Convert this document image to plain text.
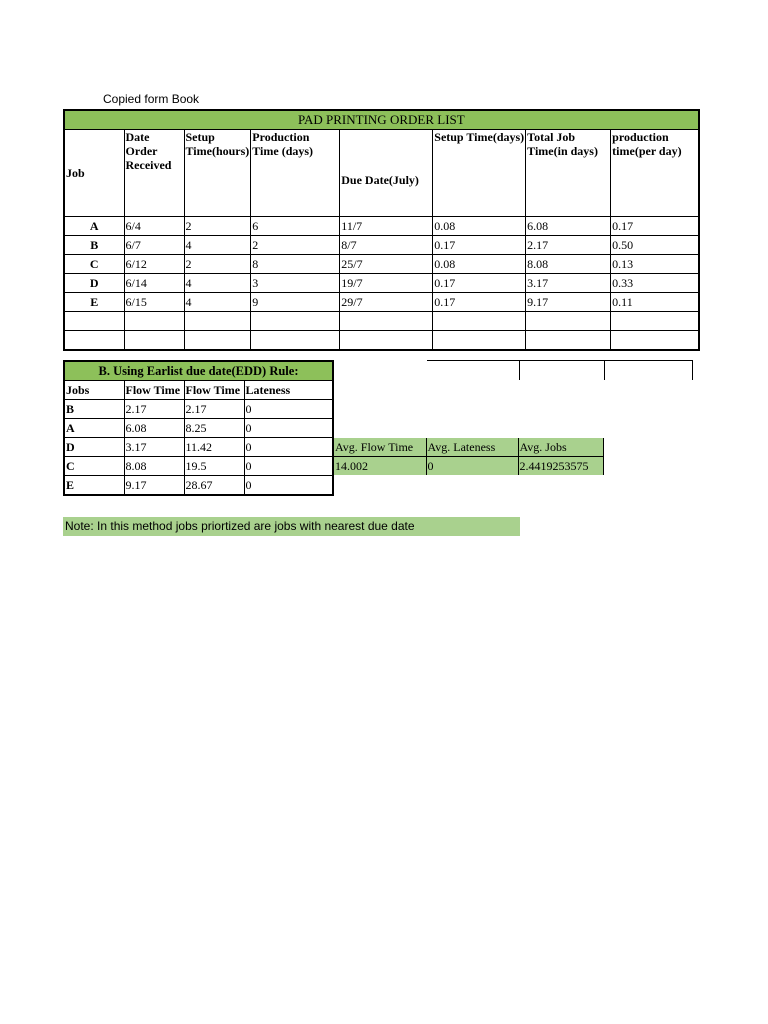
Copied form Book
PAD PRINTING ORDER LIST							
Job	Date Order Received	Setup Time(hours)	Production Time (days)	Due Date(July)	Setup Time(days)	Total Job Time(in days)	production time(per day)
A	6/4	2	6	11/7	0.08	6.08	0.17
B	6/7	4	2	8/7	0.17	2.17	0.50
C	6/12	2	8	25/7	0.08	8.08	0.13
D	6/14	4	3	19/7	0.17	3.17	0.33
E	6/15	4	9	29/7	0.17	9.17	0.11

B. Using Earlist due date(EDD) Rule:			
Jobs	Flow Time	Flow Time	Lateness
B	2.17	2.17	0
A	6.08	8.25	0
D	3.17	11.42	0
C	8.08	19.5	0
E	9.17	28.67	0
Avg. Flow Time	Avg. Lateness	Avg. Jobs
14.002	0	2.4419253575
Note: In this method jobs priortized are jobs with nearest due date
